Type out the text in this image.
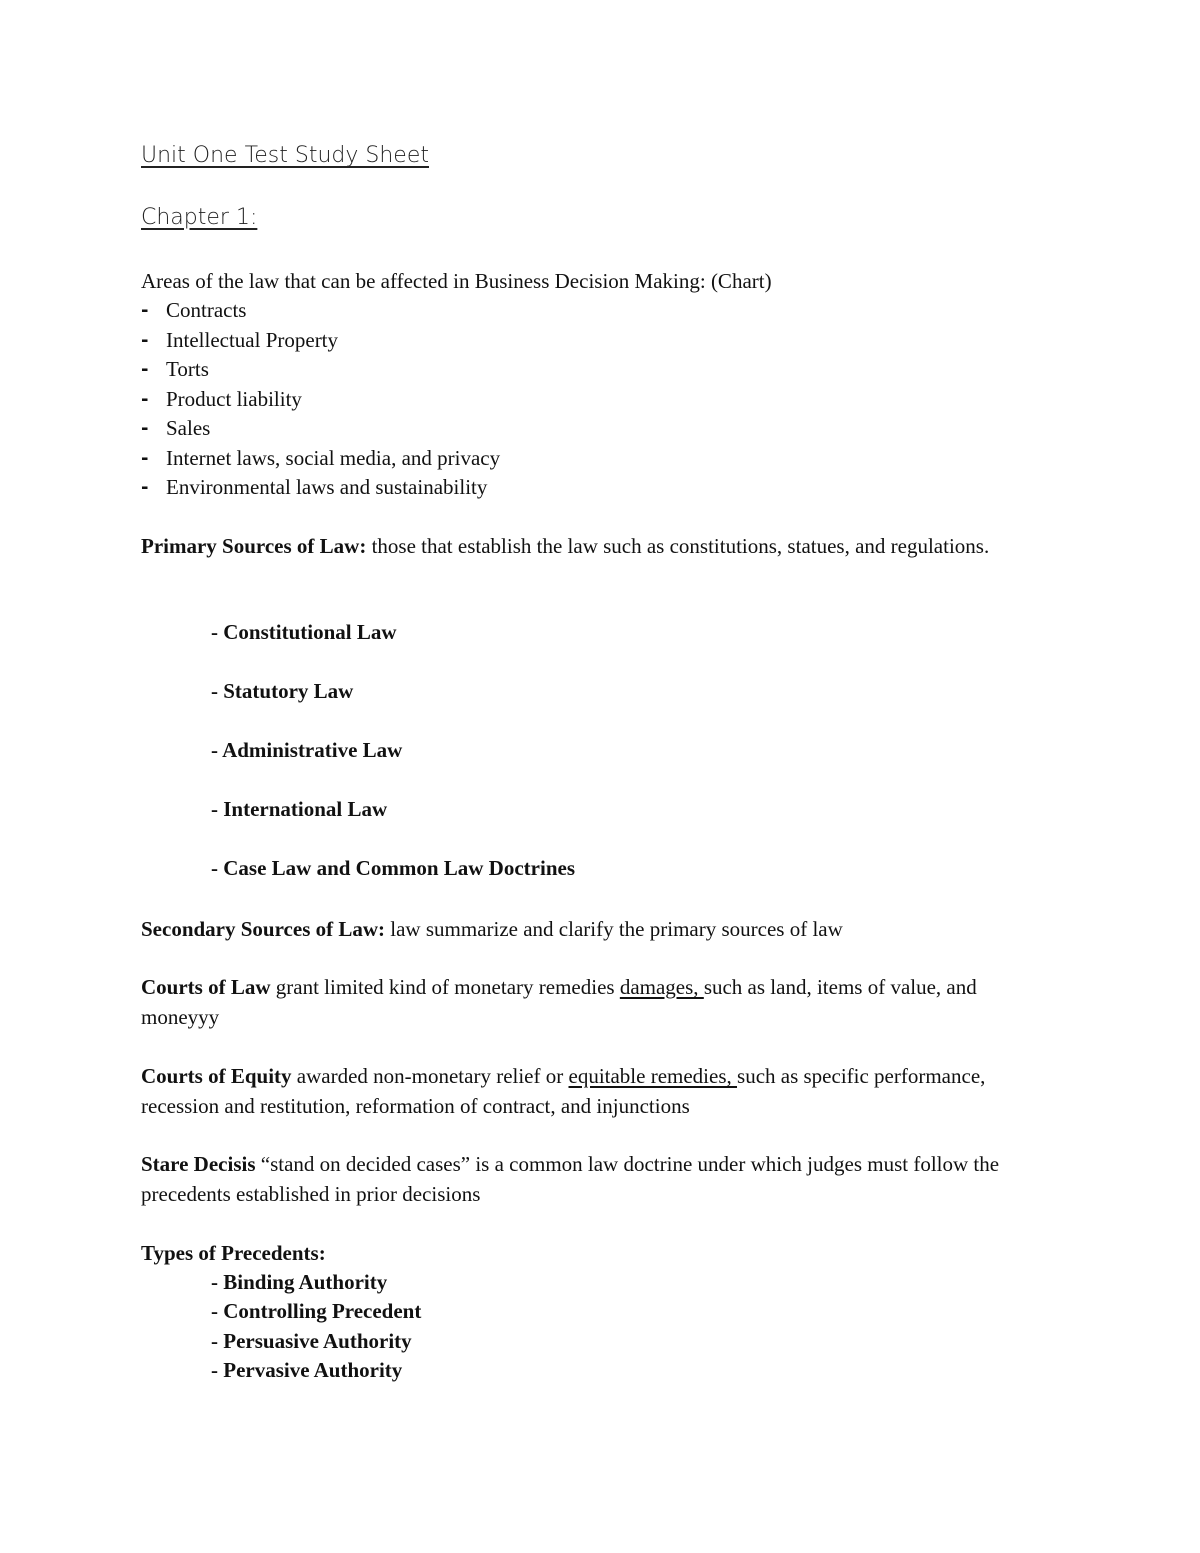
Unit One Test Study Sheet
Chapter 1:
Areas of the law that can be affected in Business Decision Making: (Chart)
- Contracts
- Intellectual Property
- Torts
- Product liability
- Sales
- Internet laws, social media, and privacy
- Environmental laws and sustainability
Primary Sources of Law: those that establish the law such as constitutions, statues, and regulations.
- Constitutional Law
- Statutory Law
- Administrative Law
- International Law
- Case Law and Common Law Doctrines
Secondary Sources of Law: law summarize and clarify the primary sources of law
Courts of Law grant limited kind of monetary remedies damages, such as land, items of value, and moneyyy
Courts of Equity awarded non-monetary relief or equitable remedies, such as specific performance, recession and restitution, reformation of contract, and injunctions
Stare Decisis “stand on decided cases” is a common law doctrine under which judges must follow the precedents established in prior decisions
Types of Precedents:
- Binding Authority
- Controlling Precedent
- Persuasive Authority
- Pervasive Authority
